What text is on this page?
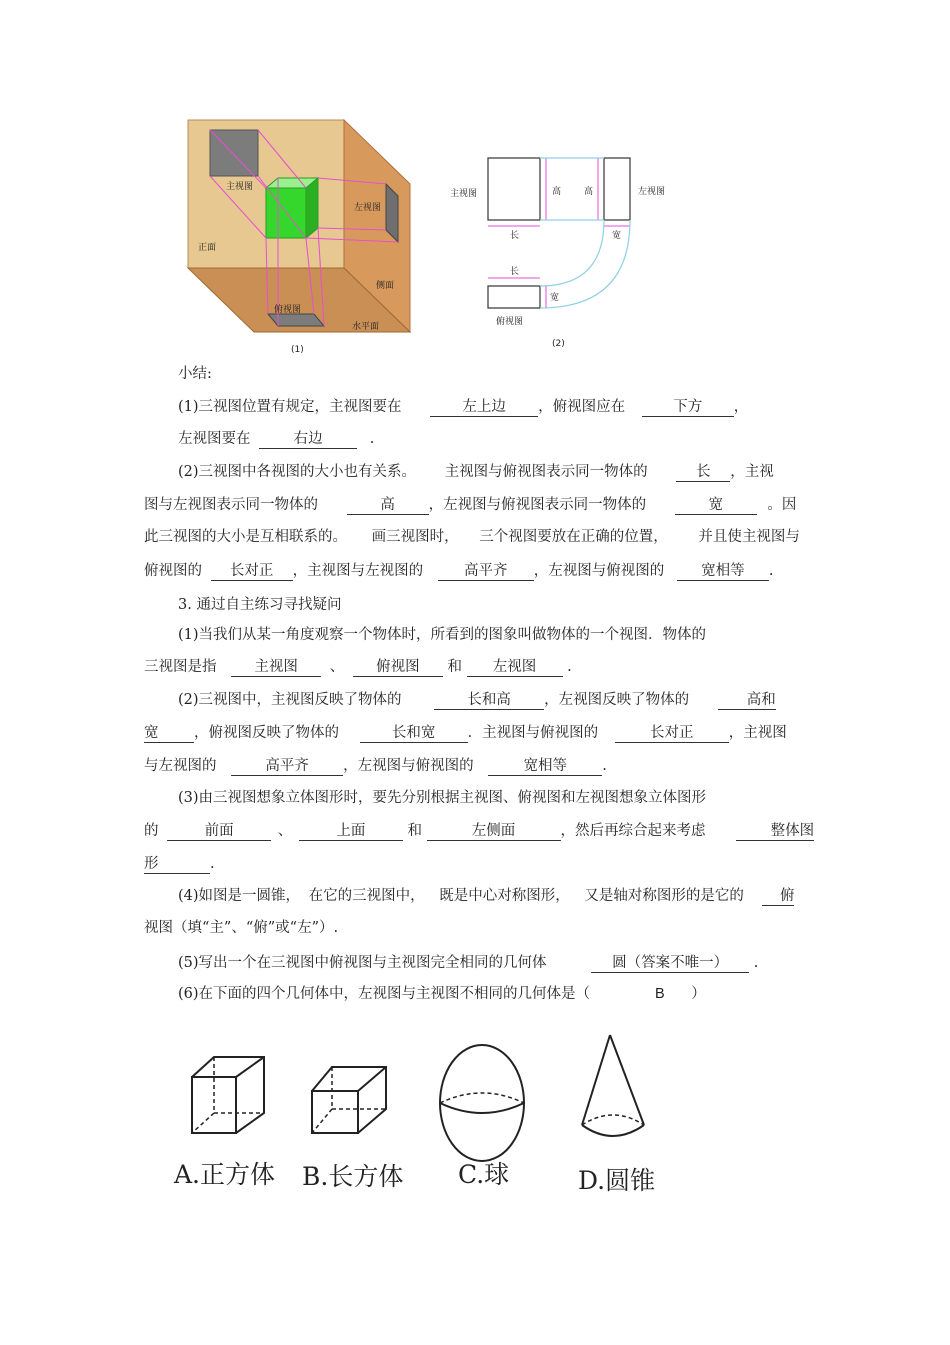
主视图
左视图
俯视图
正面
侧面
水平面
(1)
主视图	左视图
俯视图
长
长
高	高
宽
宽
(2)
小结:
(1)三视图位置有规定，主视图要在	左上边 ，俯视图应在	下方 ，
左视图要在	右边	.
(2)三视图中各视图的大小也有关系。 主视图与俯视图表示同一物体的	长 ，主视
图与左视图表示同一物体的	高 ，左视图与俯视图表示同一物体的	宽	。因
此三视图的大小是互相联系的。 画三视图时， 三个视图要放在正确的位置， 并且使主视图与
俯视图的 长对正 ，主视图与左视图的	高平齐 ，左视图与俯视图的	宽相等 .
3. 通过自主练习寻找疑问
(1)当我们从某一角度观察一个物体时，所看到的图象叫做物体的一个视图．物体的
三视图是指	主视图 、 俯视图 和 左视图 .
(2)三视图中，主视图反映了物体的	长和高 ，左视图反映了物体的	高和
宽 ，俯视图反映了物体的	长和宽 ．主视图与俯视图的	长对正 ，主视图
与左视图的	高平齐 ，左视图与俯视图的	宽相等 .
(3)由三视图想象立体图形时，要先分别根据主视图、俯视图和左视图想象立体图形
的	前面	、	上面	和	左侧面	，然后再综合起来考虑	整体图
形	.
(4)如图是一圆锥， 在它的三视图中， 既是中心对称图形， 又是轴对称图形的是它的 俯
视图（填“主”、“俯”或“左”）.
(5)写出一个在三视图中俯视图与主视图完全相同的几何体	圆（答案不唯一） .
(6)在下面的四个几何体中，左视图与主视图不相同的几何体是（	B ）
A.正方体 B.长方体 C.球	D.圆锥
